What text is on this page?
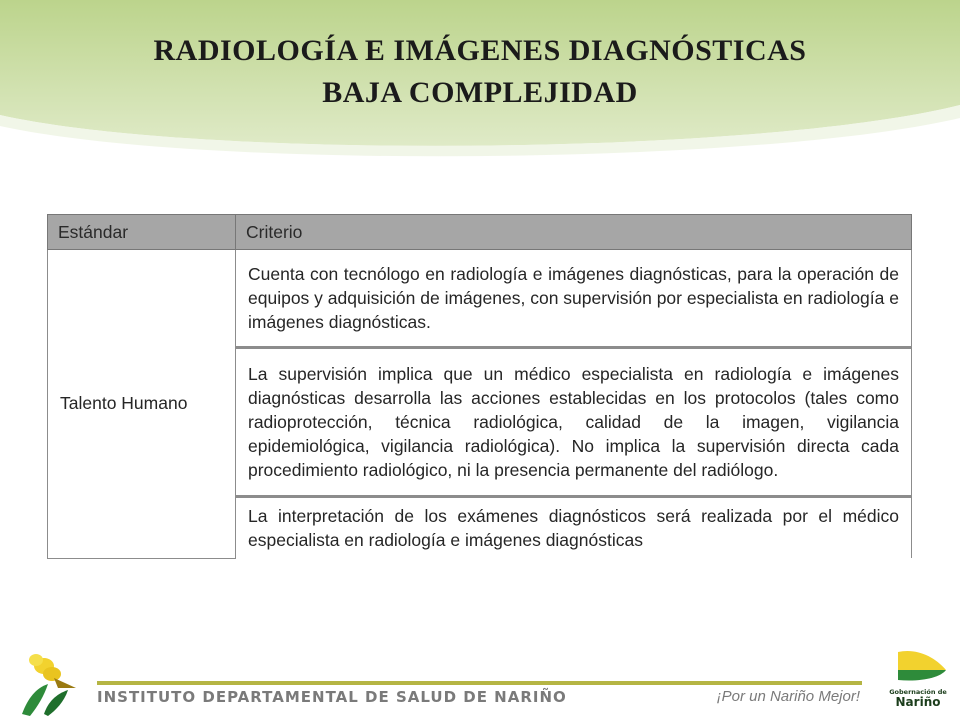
RADIOLOGÍA E IMÁGENES DIAGNÓSTICAS
BAJA COMPLEJIDAD
Estándar	Criterio
Talento Humano	Cuenta con tecnólogo en radiología e imágenes diagnósticas, para la operación de equipos y adquisición de imágenes, con supervisión por especialista en radiología e imágenes diagnósticas.
	La supervisión implica que un médico especialista en radiología e imágenes diagnósticas desarrolla las acciones establecidas en los protocolos (tales como radioprotección, técnica radiológica, calidad de la imagen, vigilancia epidemiológica, vigilancia radiológica). No implica la supervisión directa cada procedimiento radiológico, ni la presencia permanente del radiólogo.
	La interpretación de los exámenes diagnósticos será realizada por el médico especialista en radiología e imágenes diagnósticas
INSTITUTO DEPARTAMENTAL DE SALUD DE NARIÑO	¡Por un Nariño Mejor!	Gobernación de
Nariño
